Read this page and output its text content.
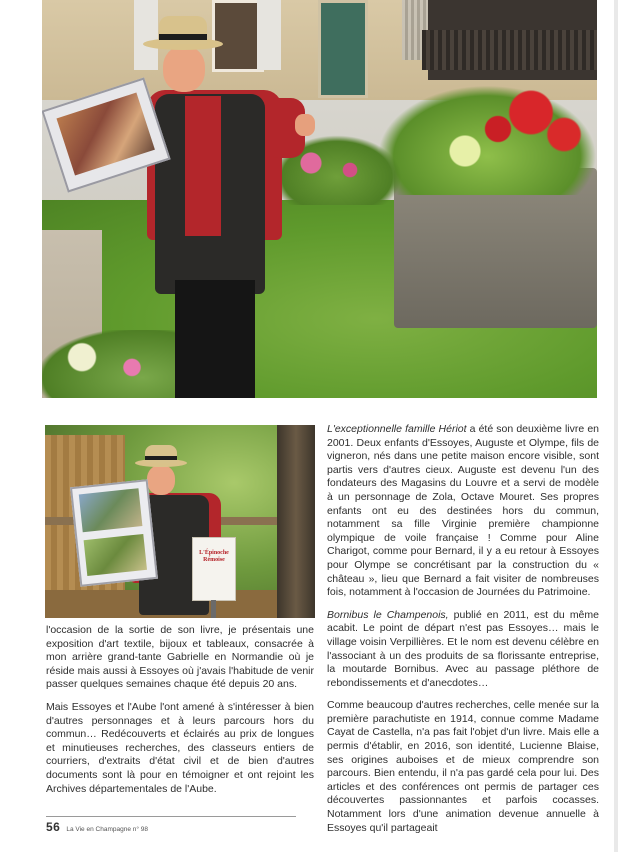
L'Épinoche
Rémoise

L'exceptionnelle famille Hériot a été son deuxième livre en 2001. Deux enfants d'Essoyes, Auguste et Olympe, fils de vigneron, nés dans une petite maison encore visible, sont partis vers d'autres cieux. Auguste est devenu l'un des fondateurs des Magasins du Louvre et a servi de modèle à un personnage de Zola, Octave Mouret. Ses propres enfants ont eu des destinées hors du commun, notamment sa fille Virginie première championne olympique de voile française ! Comme pour Aline Charigot, comme pour Bernard, il y a eu retour à Essoyes pour Olympe se concrétisant par la construction du « château », lieu que Bernard a fait visiter de nombreuses fois, notamment à l'occasion de Journées du Patrimoine.

Bornibus le Champenois, publié en 2011, est du même acabit. Le point de départ n'est pas Essoyes… mais le village voisin Verpillières. Et le nom est devenu célèbre en l'associant à un des produits de sa florissante entreprise, la moutarde Bornibus. Avec au passage pléthore de rebondissements et d'anecdotes…

Comme beaucoup d'autres recherches, celle menée sur la première parachutiste en 1914, connue comme Madame Cayat de Castella, n'a pas fait l'objet d'un livre. Mais elle a permis d'établir, en 2016, son identité, Lucienne Blaise, ses origines auboises et de mieux comprendre son parcours. Bien entendu, il n'a pas gardé cela pour lui. Des articles et des conférences ont permis de partager ces découvertes passionnantes et parfois cocasses. Notamment lors d'une animation devenue annuelle à Essoyes qu'il partageait

l'occasion de la sortie de son livre, je présentais une exposition d'art textile, bijoux et tableaux, consacrée à mon arrière grand-tante Gabrielle en Normandie où je réside mais aussi à Essoyes où j'avais l'habitude de venir passer quelques semaines chaque été depuis 20 ans.

Mais Essoyes et l'Aube l'ont amené à s'intéresser à bien d'autres personnages et à leurs parcours hors du commun… Redécouverts et éclairés au prix de longues et minutieuses recherches, des classeurs entiers de courriers, d'extraits d'état civil et de bien d'autres documents sont là pour en témoigner et ont rejoint les Archives départementales de l'Aube.

56 La Vie en Champagne n° 98
